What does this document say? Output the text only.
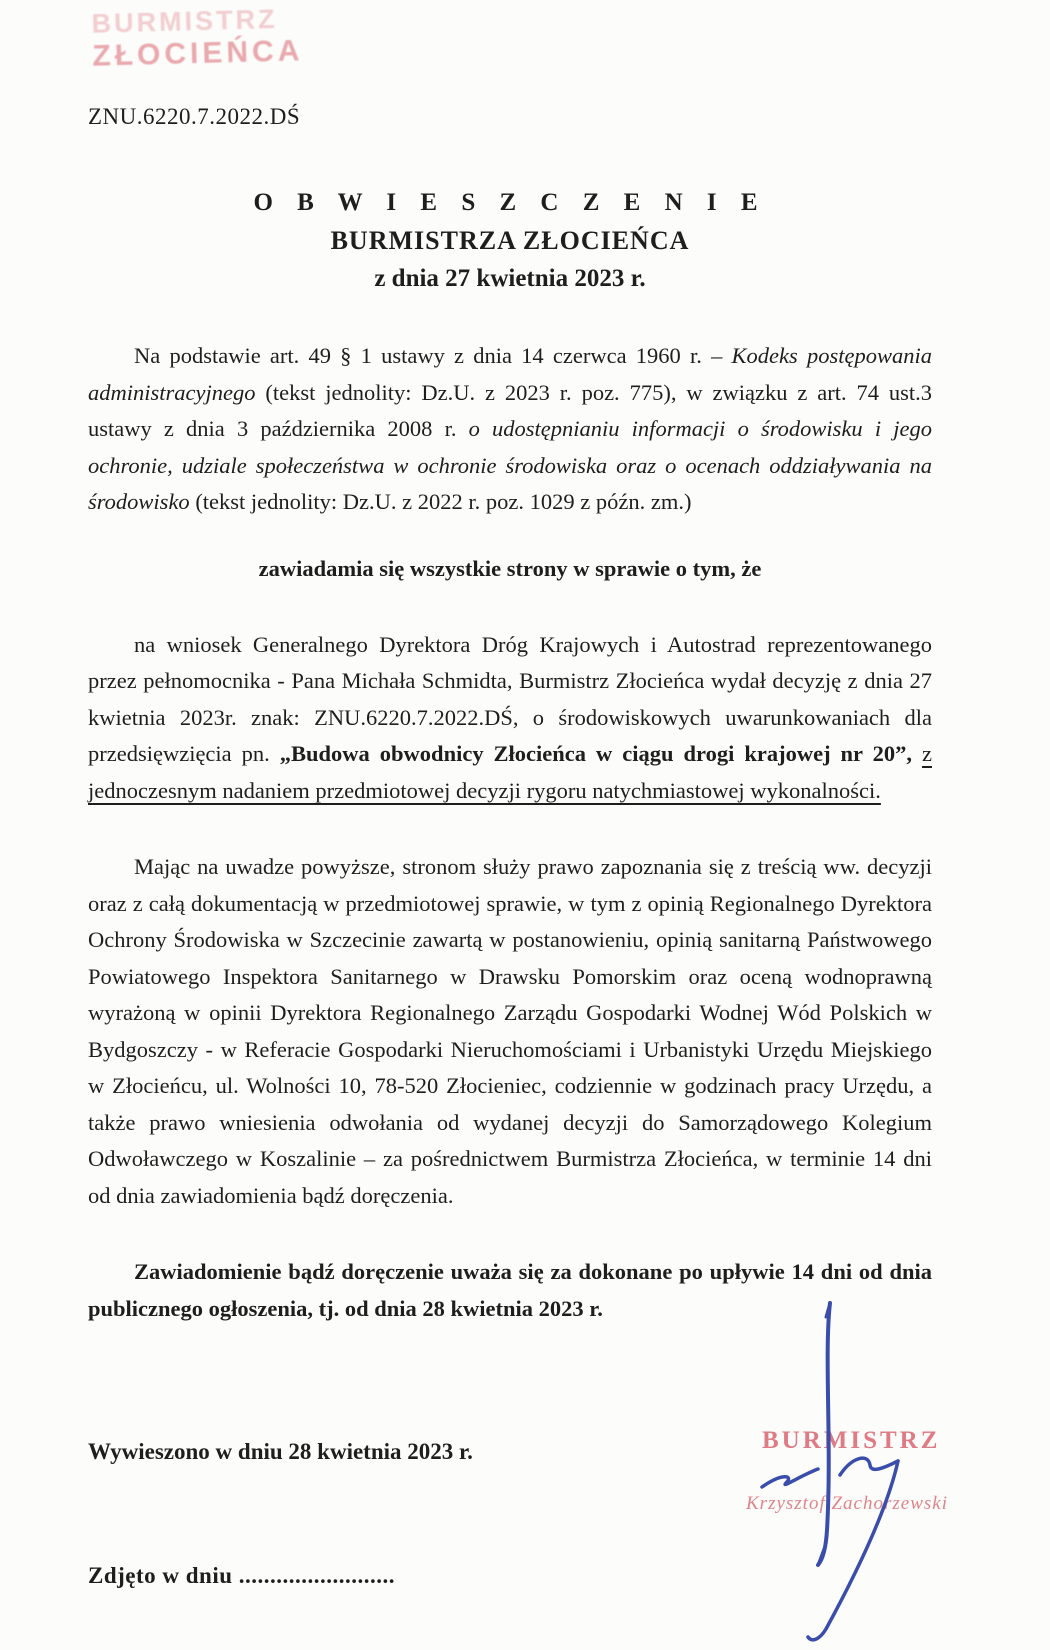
BURMISTRZ
ZŁOCIEŃCA
ZNU.6220.7.2022.DŚ
O B W I E S Z C Z E N I E
BURMISTRZA ZŁOCIEŃCA
z dnia 27 kwietnia 2023 r.

Na podstawie art. 49 § 1 ustawy z dnia 14 czerwca 1960 r. – Kodeks postępowania administracyjnego (tekst jednolity: Dz.U. z 2023 r. poz. 775), w związku z art. 74 ust.3 ustawy z dnia 3 października 2008 r. o udostępnianiu informacji o środowisku i jego ochronie, udziale społeczeństwa w ochronie środowiska oraz o ocenach oddziaływania na środowisko (tekst jednolity: Dz.U. z 2022 r. poz. 1029 z późn. zm.)

zawiadamia się wszystkie strony w sprawie o tym, że

na wniosek Generalnego Dyrektora Dróg Krajowych i Autostrad reprezentowanego przez pełnomocnika - Pana Michała Schmidta, Burmistrz Złocieńca wydał decyzję z dnia 27 kwietnia 2023r. znak: ZNU.6220.7.2022.DŚ, o środowiskowych uwarunkowaniach dla przedsięwzięcia pn. „Budowa obwodnicy Złocieńca w ciągu drogi krajowej nr 20”, z jednoczesnym nadaniem przedmiotowej decyzji rygoru natychmiastowej wykonalności.

Mając na uwadze powyższe, stronom służy prawo zapoznania się z treścią ww. decyzji oraz z całą dokumentacją w przedmiotowej sprawie, w tym z opinią Regionalnego Dyrektora Ochrony Środowiska w Szczecinie zawartą w postanowieniu, opinią sanitarną Państwowego Powiatowego Inspektora Sanitarnego w Drawsku Pomorskim oraz oceną wodnoprawną wyrażoną w opinii Dyrektora Regionalnego Zarządu Gospodarki Wodnej Wód Polskich w Bydgoszczy - w Referacie Gospodarki Nieruchomościami i Urbanistyki Urzędu Miejskiego w Złocieńcu, ul. Wolności 10, 78-520 Złocieniec, codziennie w godzinach pracy Urzędu, a także prawo wniesienia odwołania od wydanej decyzji do Samorządowego Kolegium Odwoławczego w Koszalinie – za pośrednictwem Burmistrza Złocieńca, w terminie 14 dni od dnia zawiadomienia bądź doręczenia.

Zawiadomienie bądź doręczenie uważa się za dokonane po upływie 14 dni od dnia publicznego ogłoszenia, tj. od dnia 28 kwietnia 2023 r.

Wywieszono w dniu 28 kwietnia 2023 r.
Zdjęto w dniu .........................
BURMISTRZ
Krzysztof Zachorzewski
